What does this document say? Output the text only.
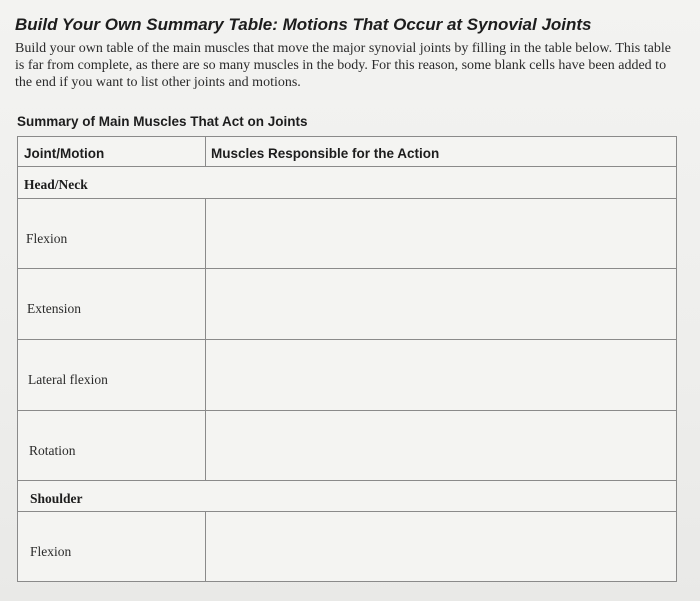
Build Your Own Summary Table: Motions That Occur at Synovial Joints

Build your own table of the main muscles that move the major synovial joints by filling in the table below. This table is far from complete, as there are so many muscles in the body. For this reason, some blank cells have been added to the end if you want to list other joints and motions.

Summary of Main Muscles That Act on Joints
Joint/Motion	Muscles Responsible for the Action
Head/Neck
Flexion
Extension
Lateral flexion
Rotation
Shoulder
Flexion
